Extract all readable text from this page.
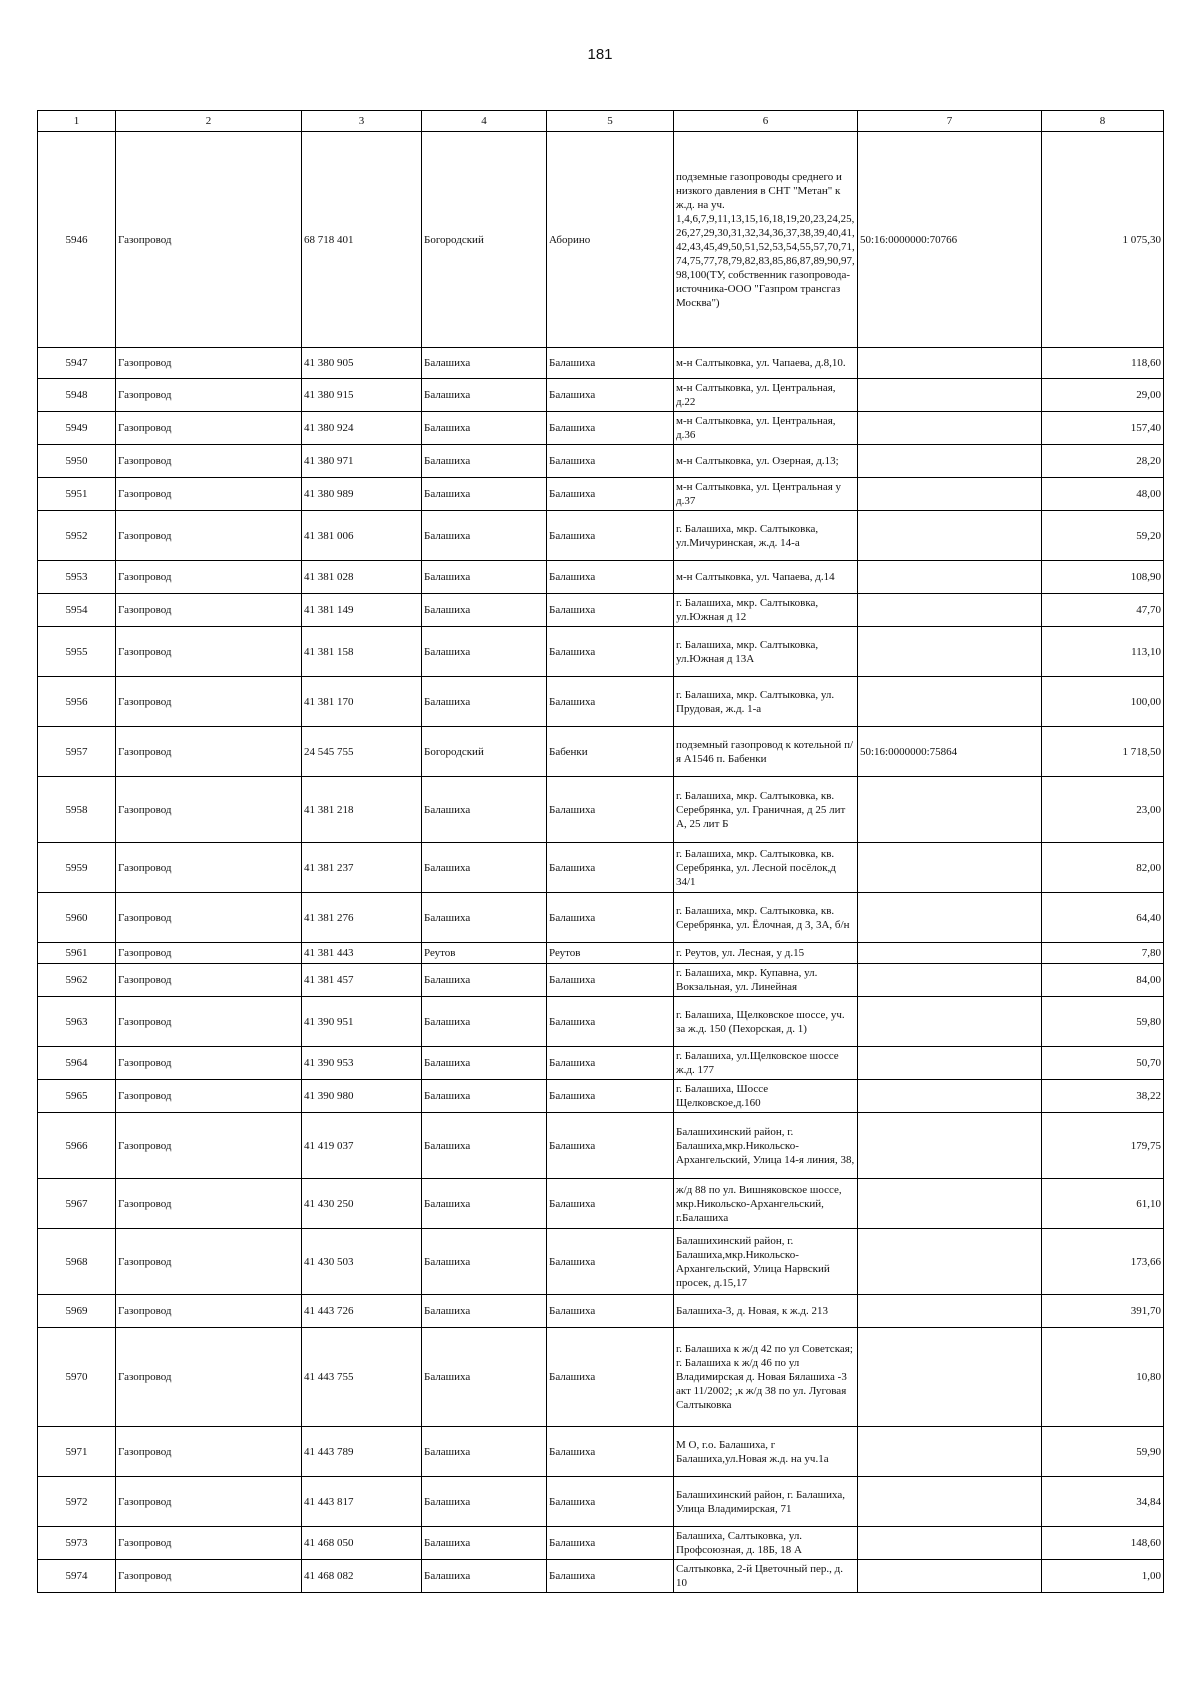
181
1	2	3	4	5	6	7	8
5946	Газопровод	68 718 401	Богородский	Аборино	подземные газопроводы среднего и низкого давления в СНТ "Метан" к ж.д. на уч. 1,4,6,7,9,11,13,15,16,18,19,20,23,24,25,26,27,29,30,31,32,34,36,37,38,39,40,41,42,43,45,49,50,51,52,53,54,55,57,70,71,74,75,77,78,79,82,83,85,86,87,89,90,97,98,100(ТУ, собственник газопровода-источника-ООО "Газпром трансгаз Москва")	50:16:0000000:70766	1 075,30
5947	Газопровод	41 380 905	Балашиха	Балашиха	м-н Салтыковка, ул. Чапаева, д.8,10.		118,60
5948	Газопровод	41 380 915	Балашиха	Балашиха	м-н Салтыковка, ул. Центральная, д.22		29,00
5949	Газопровод	41 380 924	Балашиха	Балашиха	м-н Салтыковка, ул. Центральная, д.36		157,40
5950	Газопровод	41 380 971	Балашиха	Балашиха	м-н Салтыковка, ул. Озерная, д.13;		28,20
5951	Газопровод	41 380 989	Балашиха	Балашиха	м-н Салтыковка, ул. Центральная у д.37		48,00
5952	Газопровод	41 381 006	Балашиха	Балашиха	г. Балашиха, мкр. Салтыковка, ул.Мичуринская, ж.д. 14-а		59,20
5953	Газопровод	41 381 028	Балашиха	Балашиха	м-н Салтыковка, ул. Чапаева, д.14		108,90
5954	Газопровод	41 381 149	Балашиха	Балашиха	г. Балашиха, мкр. Салтыковка, ул.Южная д 12		47,70
5955	Газопровод	41 381 158	Балашиха	Балашиха	г. Балашиха, мкр. Салтыковка, ул.Южная д 13А		113,10
5956	Газопровод	41 381 170	Балашиха	Балашиха	г. Балашиха, мкр. Салтыковка, ул. Прудовая, ж.д. 1-а		100,00
5957	Газопровод	24 545 755	Богородский	Бабенки	подземный газопровод к котельной п/я А1546 п. Бабенки	50:16:0000000:75864	1 718,50
5958	Газопровод	41 381 218	Балашиха	Балашиха	г. Балашиха, мкр. Салтыковка, кв. Серебрянка, ул. Граничная, д 25 лит А, 25 лит Б		23,00
5959	Газопровод	41 381 237	Балашиха	Балашиха	г. Балашиха, мкр. Салтыковка, кв. Серебрянка, ул. Лесной посёлок,д 34/1		82,00
5960	Газопровод	41 381 276	Балашиха	Балашиха	г. Балашиха, мкр. Салтыковка, кв. Серебрянка, ул. Ёлочная, д 3, 3А, б/н		64,40
5961	Газопровод	41 381 443	Реутов	Реутов	г. Реутов, ул. Лесная, у д.15		7,80
5962	Газопровод	41 381 457	Балашиха	Балашиха	г. Балашиха, мкр. Купавна, ул. Вокзальная, ул. Линейная		84,00
5963	Газопровод	41 390 951	Балашиха	Балашиха	г. Балашиха, Щелковское шоссе, уч. за ж.д. 150 (Пехорская, д. 1)		59,80
5964	Газопровод	41 390 953	Балашиха	Балашиха	г. Балашиха, ул.Щелковское шоссе ж.д. 177		50,70
5965	Газопровод	41 390 980	Балашиха	Балашиха	г. Балашиха, Шоссе Щелковское,д.160		38,22
5966	Газопровод	41 419 037	Балашиха	Балашиха	Балашихинский район, г. Балашиха,мкр.Никольско-Архангельский, Улица 14-я линия, 38,		179,75
5967	Газопровод	41 430 250	Балашиха	Балашиха	ж/д 88 по ул. Вишняковское шоссе, мкр.Никольско-Архангельский, г.Балашиха		61,10
5968	Газопровод	41 430 503	Балашиха	Балашиха	Балашихинский район, г. Балашиха,мкр.Никольско-Архангельский, Улица Нарвский просек, д.15,17		173,66
5969	Газопровод	41 443 726	Балашиха	Балашиха	Балашиха-3, д. Новая, к ж.д. 213		391,70
5970	Газопровод	41 443 755	Балашиха	Балашиха	г. Балашиха к ж/д 42 по ул Советская; г. Балашиха к ж/д 46 по ул Владимирская д. Новая Бялашиха -3 акт 11/2002; ,к ж/д 38 по ул. Луговая Салтыковка		10,80
5971	Газопровод	41 443 789	Балашиха	Балашиха	М О, г.о. Балашиха, г Балашиха,ул.Новая ж.д. на уч.1а		59,90
5972	Газопровод	41 443 817	Балашиха	Балашиха	Балашихинский район, г. Балашиха, Улица Владимирская, 71		34,84
5973	Газопровод	41 468 050	Балашиха	Балашиха	Балашиха, Салтыковка, ул. Профсоюзная, д. 18Б, 18 А		148,60
5974	Газопровод	41 468 082	Балашиха	Балашиха	Салтыковка, 2-й Цветочный пер., д. 10		1,00
